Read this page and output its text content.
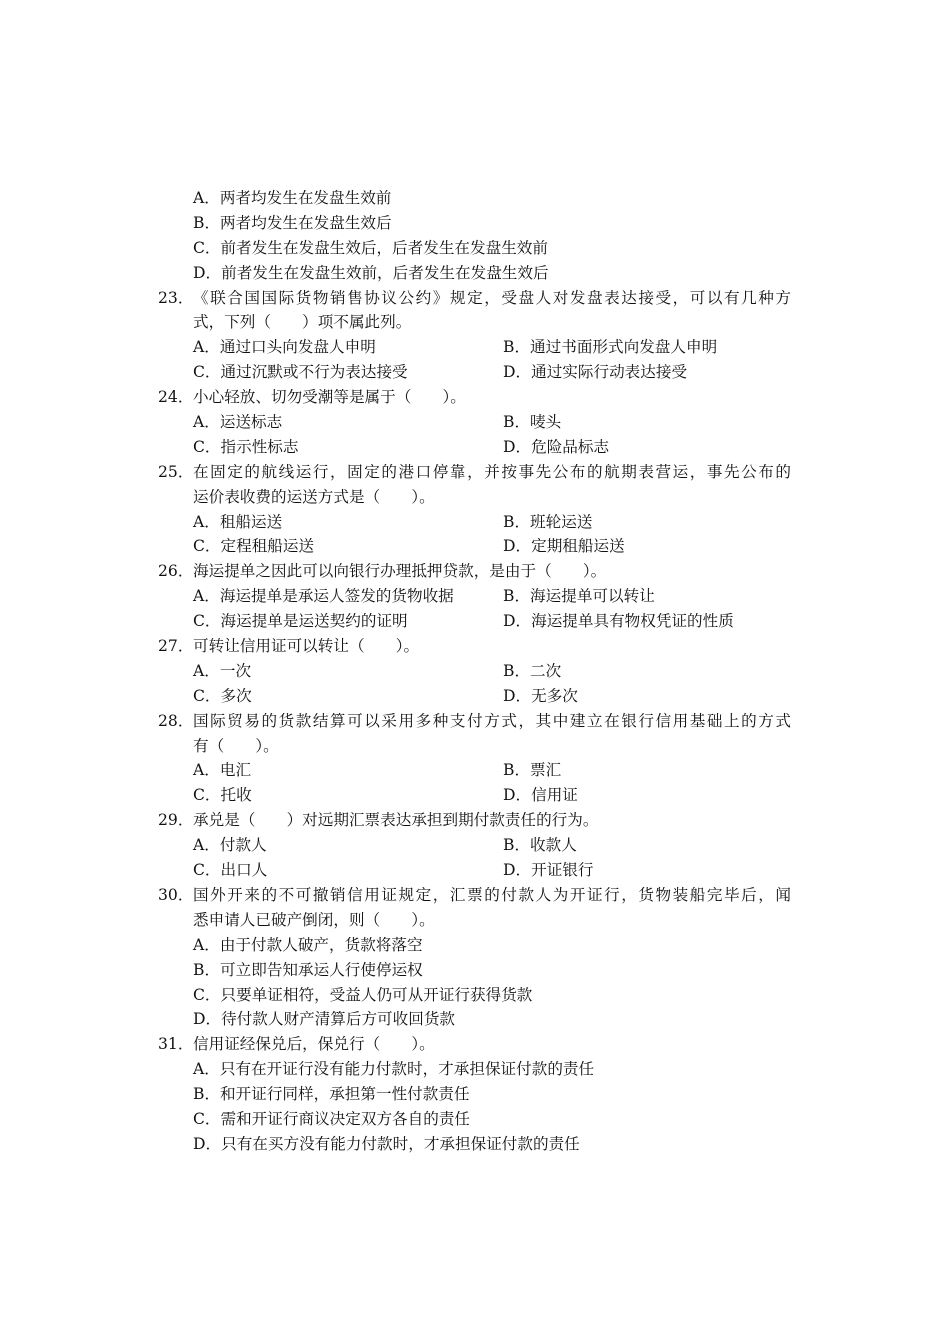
A．两者均发生在发盘生效前
B．两者均发生在发盘生效后
C．前者发生在发盘生效后，后者发生在发盘生效前
D．前者发生在发盘生效前，后者发生在发盘生效后
23． 《联合国国际货物销售协议公约》规定，受盘人对发盘表达接受，可以有几种方
式，下列（　　）项不属此列。
A．通过口头向发盘人申明	B．通过书面形式向发盘人申明
C．通过沉默或不行为表达接受	D．通过实际行动表达接受
24． 小心轻放、切勿受潮等是属于（　　）。
A．运送标志	B．唛头
C．指示性标志	D．危险品标志
25． 在固定的航线运行，固定的港口停靠，并按事先公布的航期表营运，事先公布的
运价表收费的运送方式是（　　）。
A．租船运送	B．班轮运送
C．定程租船运送	D．定期租船运送
26． 海运提单之因此可以向银行办理抵押贷款，是由于（　　）。
A．海运提单是承运人签发的货物收据	B．海运提单可以转让
C．海运提单是运送契约的证明	D．海运提单具有物权凭证的性质
27． 可转让信用证可以转让（　　）。
A．一次	B．二次
C．多次	D．无多次
28． 国际贸易的货款结算可以采用多种支付方式，其中建立在银行信用基础上的方式
有（　　）。
A．电汇	B．票汇
C．托收	D．信用证
29． 承兑是（　　）对远期汇票表达承担到期付款责任的行为。
A．付款人	B．收款人
C．出口人	D．开证银行
30． 国外开来的不可撤销信用证规定，汇票的付款人为开证行，货物装船完毕后，闻
悉申请人已破产倒闭，则（　　）。
A．由于付款人破产，货款将落空
B．可立即告知承运人行使停运权
C．只要单证相符，受益人仍可从开证行获得货款
D．待付款人财产清算后方可收回货款
31． 信用证经保兑后，保兑行（　　）。
A．只有在开证行没有能力付款时，才承担保证付款的责任
B．和开证行同样，承担第一性付款责任
C．需和开证行商议决定双方各自的责任
D．只有在买方没有能力付款时，才承担保证付款的责任
